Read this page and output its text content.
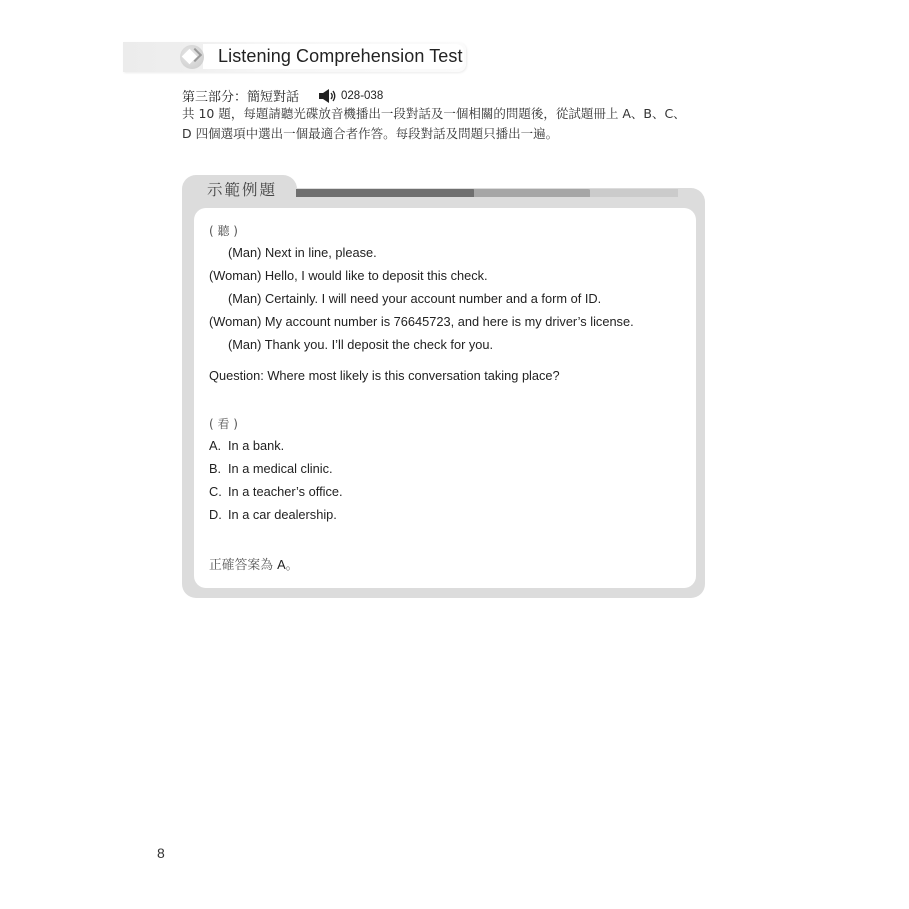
Listening Comprehension Test
第三部分：簡短對話	028-038
共 10 題，每題請聽光碟放音機播出一段對話及一個相關的問題後，從試題冊上 A、B、C、
D 四個選項中選出一個最適合者作答。每段對話及問題只播出一遍。
示範例題
( 聽 )
(Man) Next in line, please.
(Woman) Hello, I would like to deposit this check.
(Man) Certainly. I will need your account number and a form of ID.
(Woman) My account number is 76645723, and here is my driver’s license.
(Man) Thank you. I’ll deposit the check for you.
Question: Where most likely is this conversation taking place?
( 看 )
A. In a bank.
B. In a medical clinic.
C. In a teacher’s office.
D. In a car dealership.
正確答案為 A。
8
